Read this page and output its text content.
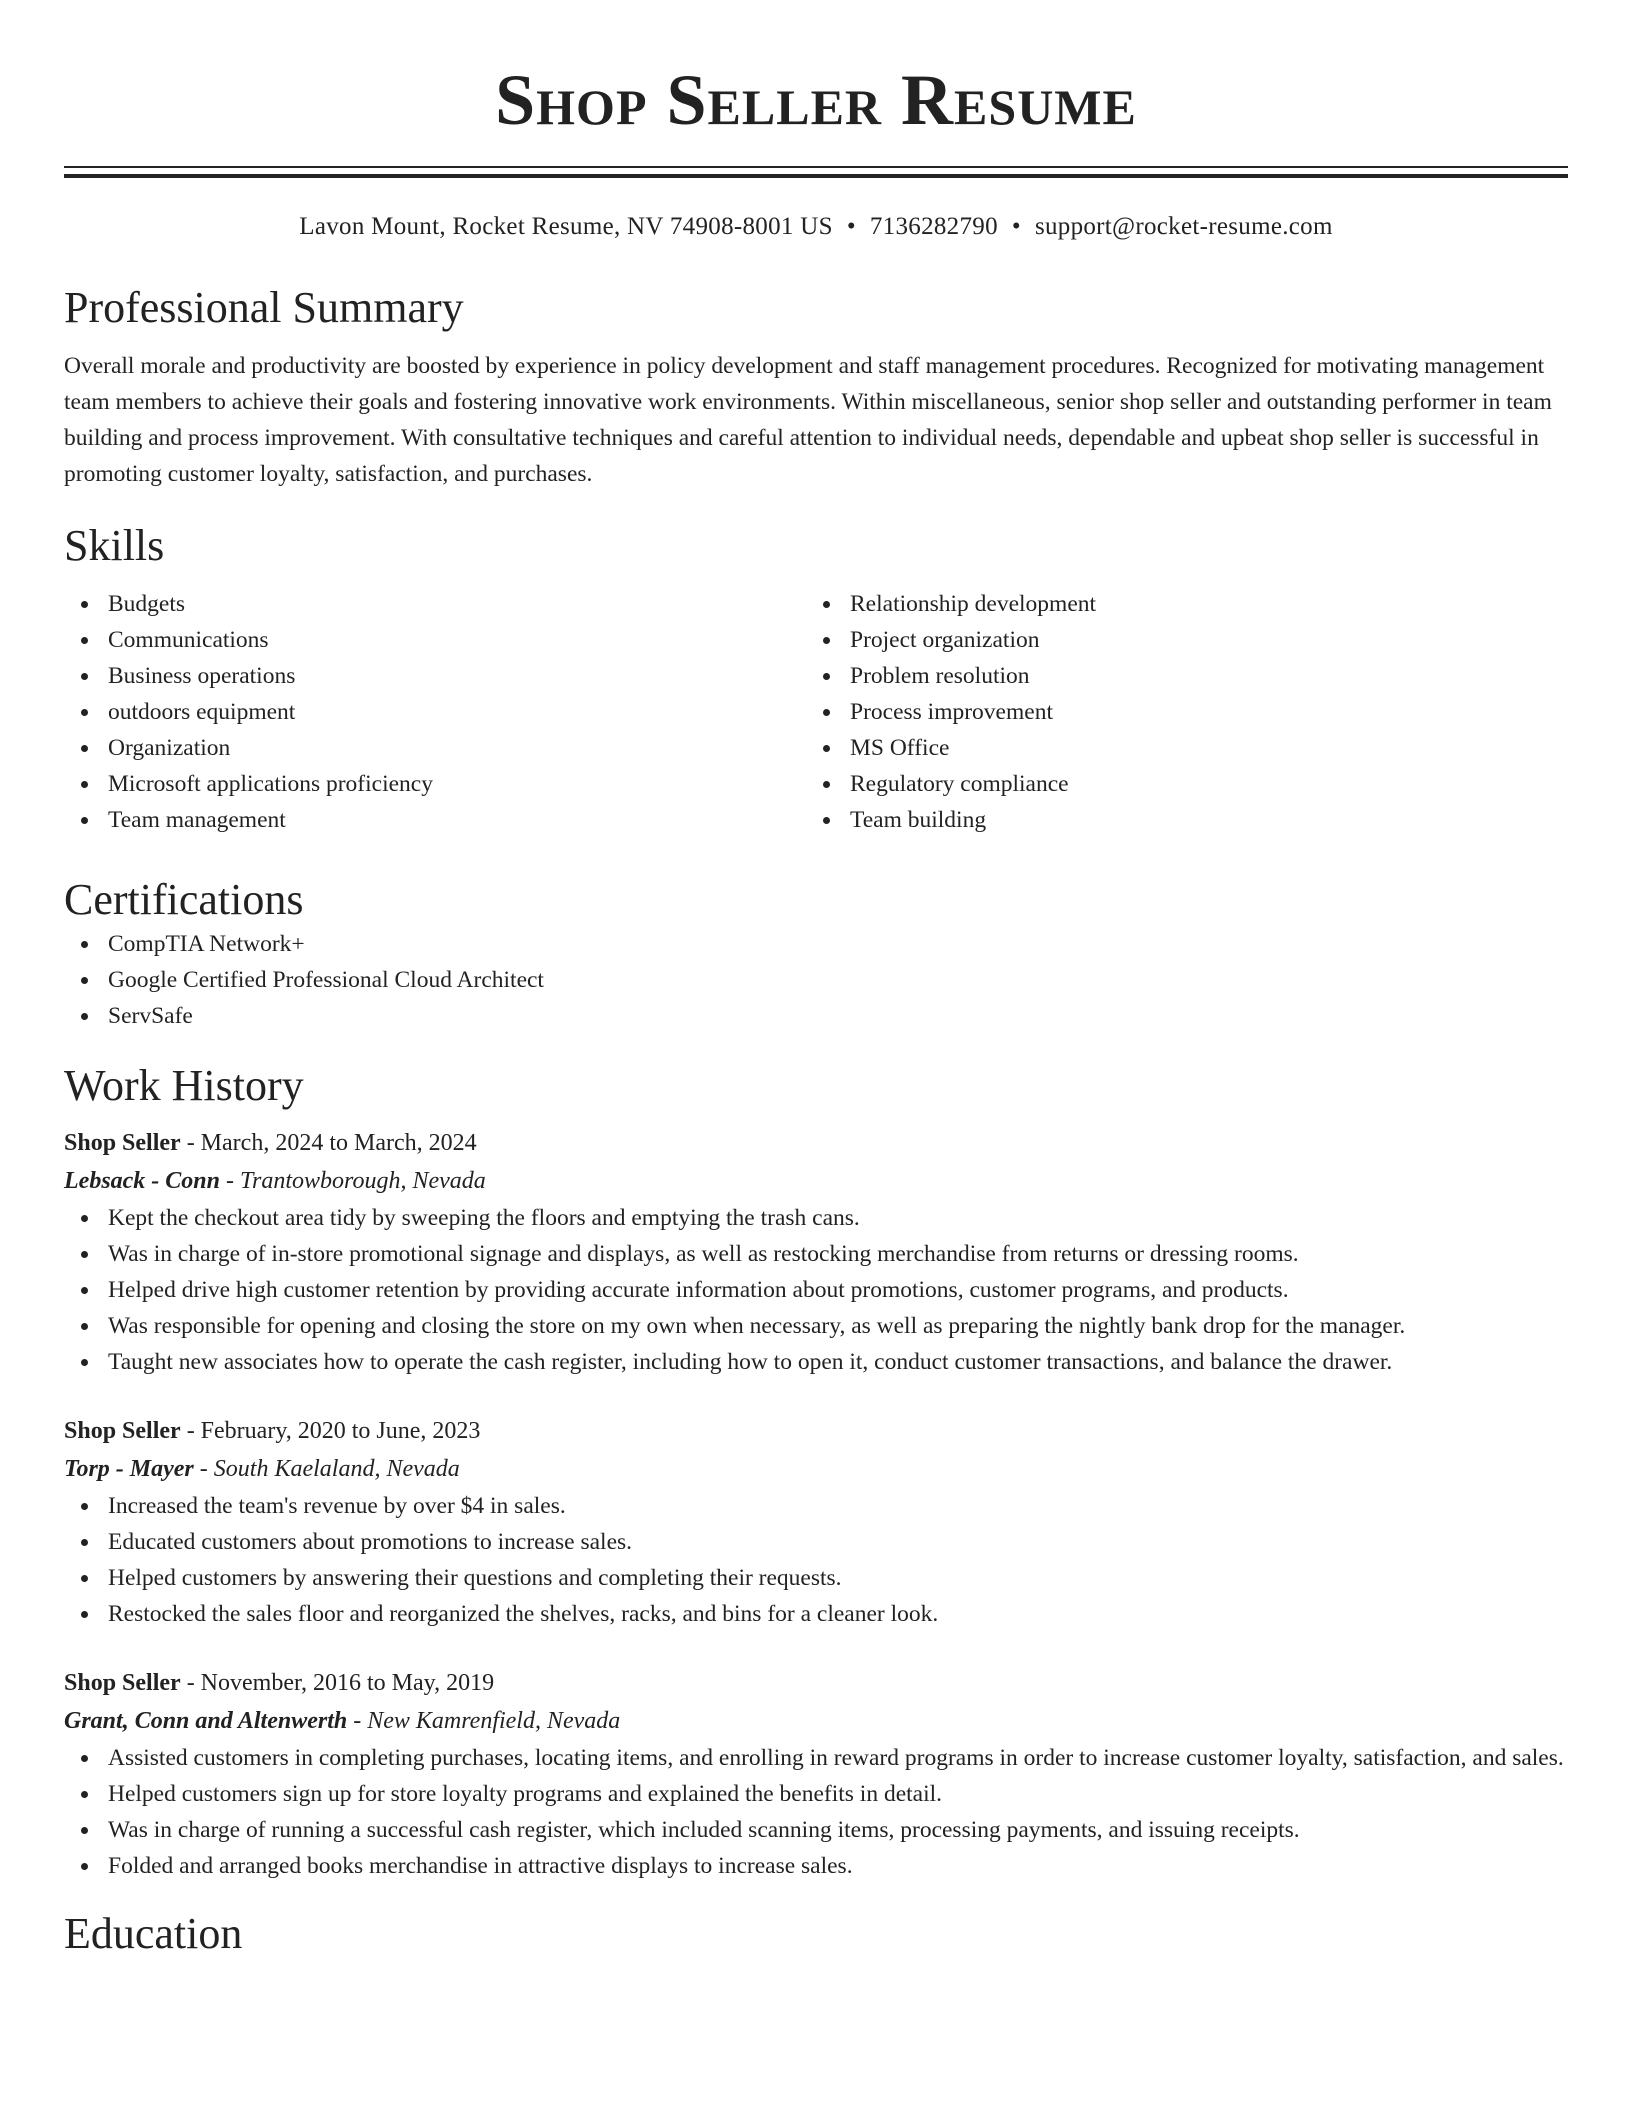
Shop Seller Resume
Lavon Mount, Rocket Resume, NV 74908-8001 US • 7136282790 • support@rocket-resume.com
Professional Summary

Overall morale and productivity are boosted by experience in policy development and staff management procedures. Recognized for motivating management team members to achieve their goals and fostering innovative work environments. Within miscellaneous, senior shop seller and outstanding performer in team building and process improvement. With consultative techniques and careful attention to individual needs, dependable and upbeat shop seller is successful in promoting customer loyalty, satisfaction, and purchases.

Skills
Budgets
Communications
Business operations
outdoors equipment
Organization
Microsoft applications proficiency
Team management
Relationship development
Project organization
Problem resolution
Process improvement
MS Office
Regulatory compliance
Team building
Certifications
CompTIA Network+
Google Certified Professional Cloud Architect
ServSafe
Work History
Shop Seller - March, 2024 to March, 2024
Lebsack - Conn - Trantowborough, Nevada
Kept the checkout area tidy by sweeping the floors and emptying the trash cans.
Was in charge of in-store promotional signage and displays, as well as restocking merchandise from returns or dressing rooms.
Helped drive high customer retention by providing accurate information about promotions, customer programs, and products.
Was responsible for opening and closing the store on my own when necessary, as well as preparing the nightly bank drop for the manager.
Taught new associates how to operate the cash register, including how to open it, conduct customer transactions, and balance the drawer.
Shop Seller - February, 2020 to June, 2023
Torp - Mayer - South Kaelaland, Nevada
Increased the team's revenue by over $4 in sales.
Educated customers about promotions to increase sales.
Helped customers by answering their questions and completing their requests.
Restocked the sales floor and reorganized the shelves, racks, and bins for a cleaner look.
Shop Seller - November, 2016 to May, 2019
Grant, Conn and Altenwerth - New Kamrenfield, Nevada
Assisted customers in completing purchases, locating items, and enrolling in reward programs in order to increase customer loyalty, satisfaction, and sales.
Helped customers sign up for store loyalty programs and explained the benefits in detail.
Was in charge of running a successful cash register, which included scanning items, processing payments, and issuing receipts.
Folded and arranged books merchandise in attractive displays to increase sales.
Education
